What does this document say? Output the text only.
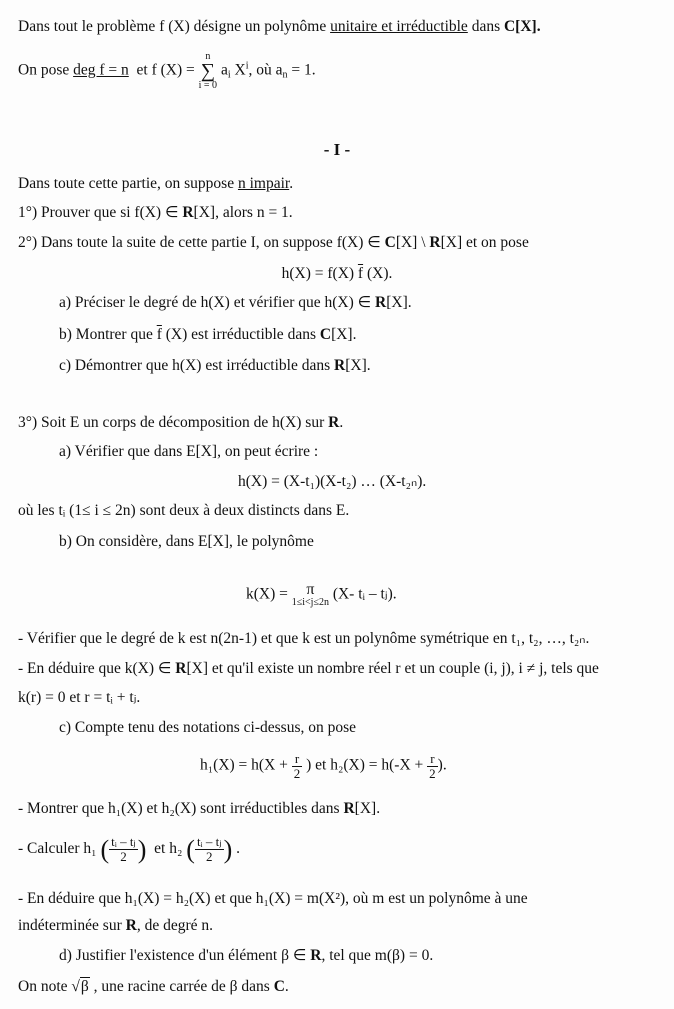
Dans tout le problème f (X) désigne un polynôme unitaire et irréductible dans C[X].
On pose deg f = n et f (X) =
n
∑
i = 0
$a_i$ $X^i$, où $a_n = 1$.
- I -
Dans toute cette partie, on suppose n impair.
1°) Prouver que si f(X) ∈ R[X], alors n = 1.
2°) Dans toute la suite de cette partie I, on suppose f(X) ∈ C[X] \ R[X] et on pose
h(X) = f(X) $\overline{f}$ (X).
a) Préciser le degré de h(X) et vérifier que h(X) ∈ R[X].
b) Montrer que $\overline{f}$ (X) est irréductible dans C[X].
c) Démontrer que h(X) est irréductible dans R[X].
3°) Soit E un corps de décomposition de h(X) sur R.
a) Vérifier que dans E[X], on peut écrire :
h(X) = (X-t₁)(X-t₂) … (X-t₂ₙ).
où les tᵢ (1≤ i ≤ 2n) sont deux à deux distincts dans E.
b) On considère, dans E[X], le polynôme
k(X) =	π
1≤i<j≤2n (X- tᵢ – tⱼ).
- Vérifier que le degré de k est n(2n-1) et que k est un polynôme symétrique en t₁, t₂, …, t₂ₙ.
- En déduire que k(X) ∈ R[X] et qu'il existe un nombre réel r et un couple (i, j), i ≠ j, tels que
k(r) = 0 et r = tᵢ + tⱼ.
c) Compte tenu des notations ci-dessus, on pose
$h_1(X) = h(X + \frac{r}{2}$ ) et $h_2(X) = h(-X + \frac{r}{2}$ ).
- Montrer que h₁(X) et h₂(X) sont irréductibles dans R[X].
- Calculer h₁ ( $\frac{\text{tᵢ – tⱼ}}{2}$ ) et h₂ ( $\frac{\text{tᵢ – tⱼ}}{2}$ ) .
- En déduire que h₁(X) = h₂(X) et que h₁(X) = m(X²), où m est un polynôme à une
indéterminée sur R, de degré n.
d) Justifier l'existence d'un élément β ∈ R, tel que m(β) = 0.
On note √β , une racine carrée de β dans C.
